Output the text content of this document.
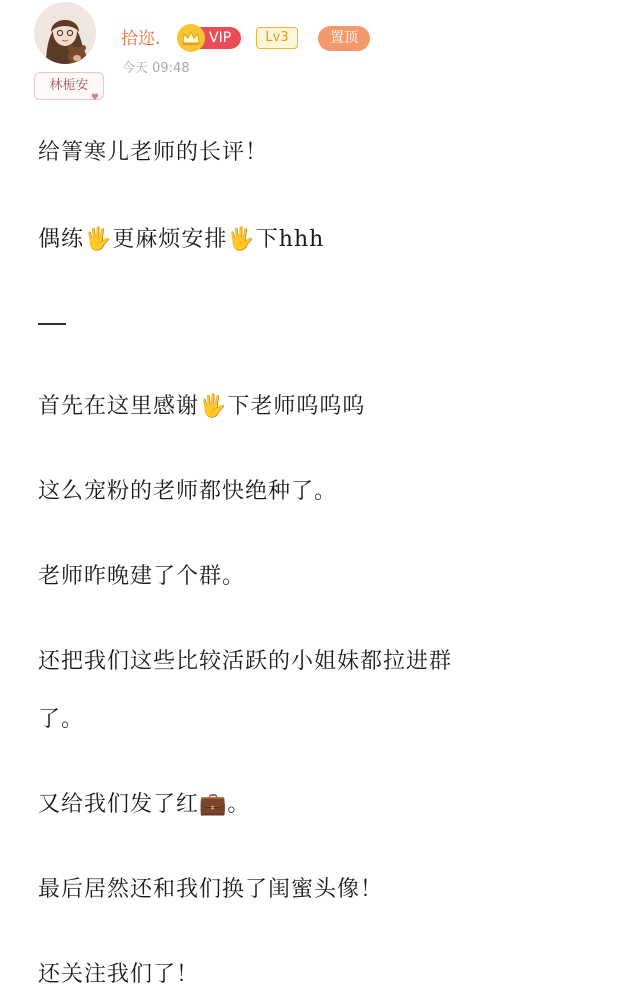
林栀安
♥
拾迩.	VIP	Lv3	置顶
今天 09:48
给箐寒儿老师的长评！
偶练🖐更麻烦安排🖐下hhh
首先在这里感谢🖐下老师呜呜呜
这么宠粉的老师都快绝种了。
老师昨晚建了个群。
还把我们这些比较活跃的小姐妹都拉进群
了。
又给我们发了红💼。
最后居然还和我们换了闺蜜头像！
还关注我们了！
